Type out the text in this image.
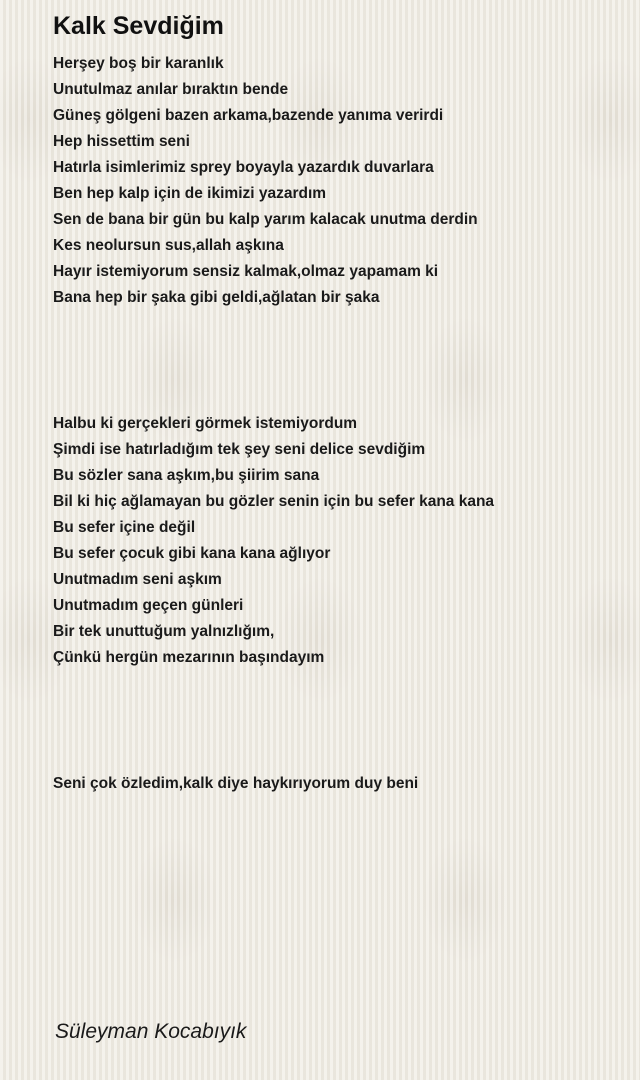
Kalk Sevdiğim
Herşey boş bir karanlık
Unutulmaz anılar bıraktın bende
Güneş gölgeni bazen arkama,bazende yanıma verirdi
Hep hissettim seni
Hatırla isimlerimiz sprey boyayla yazardık duvarlara
Ben hep kalp için de ikimizi yazardım
Sen de bana bir gün bu kalp yarım kalacak unutma derdin
Kes neolursun sus,allah aşkına
Hayır istemiyorum sensiz kalmak,olmaz yapamam ki
Bana hep bir şaka gibi geldi,ağlatan bir şaka
Halbu ki gerçekleri görmek istemiyordum
Şimdi ise hatırladığım tek şey seni delice sevdiğim
Bu sözler sana aşkım,bu şiirim sana
Bil ki hiç ağlamayan bu gözler senin için bu sefer kana kana
Bu sefer içine değil
Bu sefer çocuk gibi kana kana ağlıyor
Unutmadım seni aşkım
Unutmadım geçen günleri
Bir tek unuttuğum yalnızlığım,
Çünkü hergün mezarının başındayım
Seni çok özledim,kalk diye haykırıyorum duy beni
Süleyman Kocabıyık
